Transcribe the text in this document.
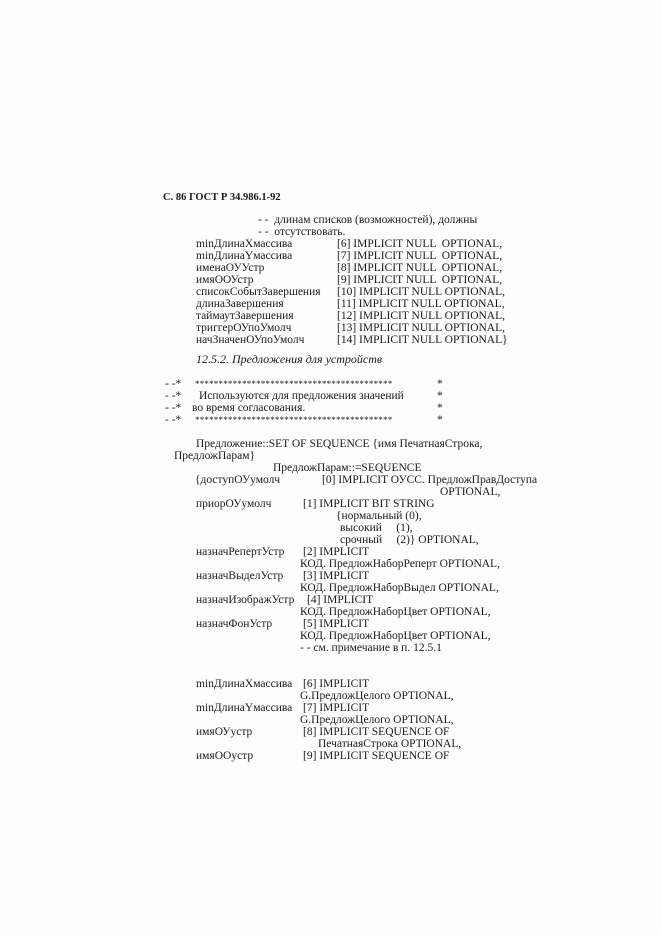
С. 86 ГОСТ Р 34.986.1-92
- -  длинам списков (возможностей), должны
- -  отсутствовать.
minДлинаХмассива	[6] IMPLICIT NULL  OPTIONAL,
minДлинаYмассива	[7] IMPLICIT NULL  OPTIONAL,
именаОУУстр	[8] IMPLICIT NULL  OPTIONAL,
имяООУстр	[9] IMPLICIT NULL  OPTIONAL,
списокСобытЗавершения [10] IMPLICIT NULL OPTIONAL,
длинаЗавершения	[11] IMPLICIT NULL OPTIONAL,
таймаутЗавершения	[12] IMPLICIT NULL OPTIONAL,
триггерОУпоУмолч	[13] IMPLICIT NULL OPTIONAL,
начЗначенОУпоУмолч	[14] IMPLICIT NULL OPTIONAL}
12.5.2. Предложения для устройств
- -* ******************************************	*
- -* Используются для предложения значений	*
- -* во время согласования.	*
- -* ******************************************	*
Предложение::SET OF SEQUENCE {имя ПечатнаяСтрока,
ПредложПарам}
ПредложПарам::=SEQUENCE
{доступОУумолч	[0] IMPLICIT ОУСС. ПредложПравДоступа
OPTIONAL,
приорОУумолч	[1] IMPLICIT BIT STRING
{нормальный (0),
высокий     (1),
срочный     (2)} OPTIONAL,
назначРепертУстр [2] IMPLICIT
КОД. ПредложНаборРеперт OPTIONAL,
назначВыделУстр [3] IMPLICIT
КОД. ПредложНаборВыдел OPTIONAL,
назначИзображУстр [4] IMPLICIT
КОД. ПредложНаборЦвет OPTIONAL,
назначФонУстр	[5] IMPLICIT
КОД. ПредложНаборЦвет OPTIONAL,
- - см. примечание в п. 12.5.1
minДлинаХмассива [6] IMPLICIT
G.ПредложЦелого OPTIONAL,
minДлинаYмассива [7] IMPLICIT
G.ПредложЦелого OPTIONAL,
имяОУустр	[8] IMPLICIT SEQUENCE OF
ПечатнаяСтрока OPTIONAL,
имяООустр	[9] IMPLICIT SEQUENCE OF
